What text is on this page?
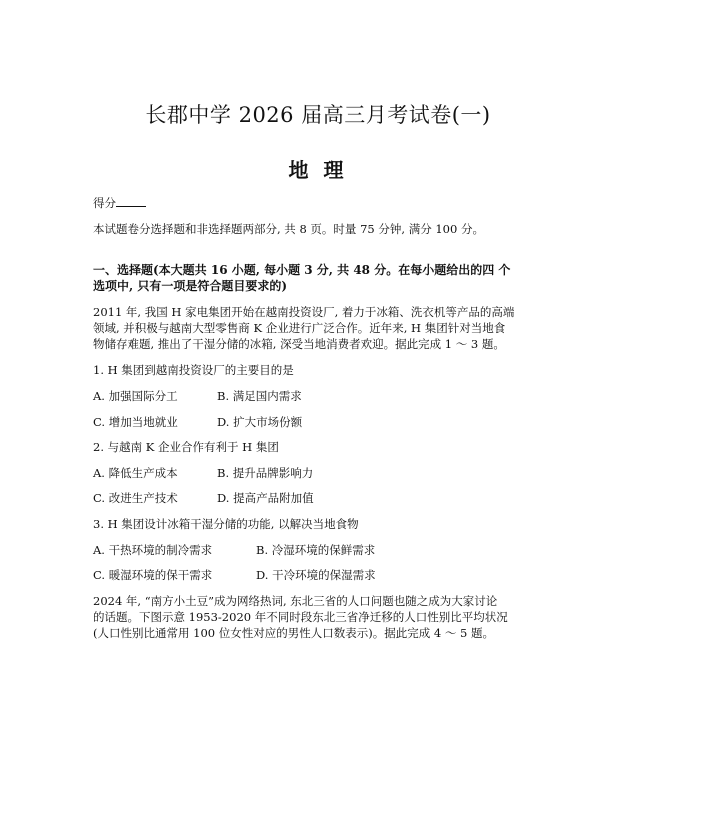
长郡中学 2026 届高三月考试卷(一)
地 理
得分
本试题卷分选择题和非选择题两部分, 共 8 页。时量 75 分钟, 满分 100 分。
一、选择题(本大题共 16 小题, 每小题 3 分, 共 48 分。在每小题给出的四 个
选项中, 只有一项是符合题目要求的)
2011 年, 我国 H 家电集团开始在越南投资设厂, 着力于冰箱、洗衣机等产品的高端
领域, 并积极与越南大型零售商 K 企业进行广泛合作。近年来, H 集团针对当地食
物储存难题, 推出了干湿分储的冰箱, 深受当地消费者欢迎。据此完成 1 ～ 3 题。
1. H 集团到越南投资设厂的主要目的是
A. 加强国际分工	B. 满足国内需求
C. 增加当地就业	D. 扩大市场份额
2. 与越南 K 企业合作有利于 H 集团
A. 降低生产成本	B. 提升品牌影响力
C. 改进生产技术	D. 提高产品附加值
3. H 集团设计冰箱干湿分储的功能, 以解决当地食物
A. 干热环境的制冷需求	B. 冷湿环境的保鲜需求
C. 暖湿环境的保干需求	D. 干冷环境的保湿需求
2024 年, “南方小土豆”成为网络热词, 东北三省的人口问题也随之成为大家讨论
的话题。下图示意 1953-2020 年不同时段东北三省净迁移的人口性别比平均状况
(人口性别比通常用 100 位女性对应的男性人口数表示)。据此完成 4 ～ 5 题。
